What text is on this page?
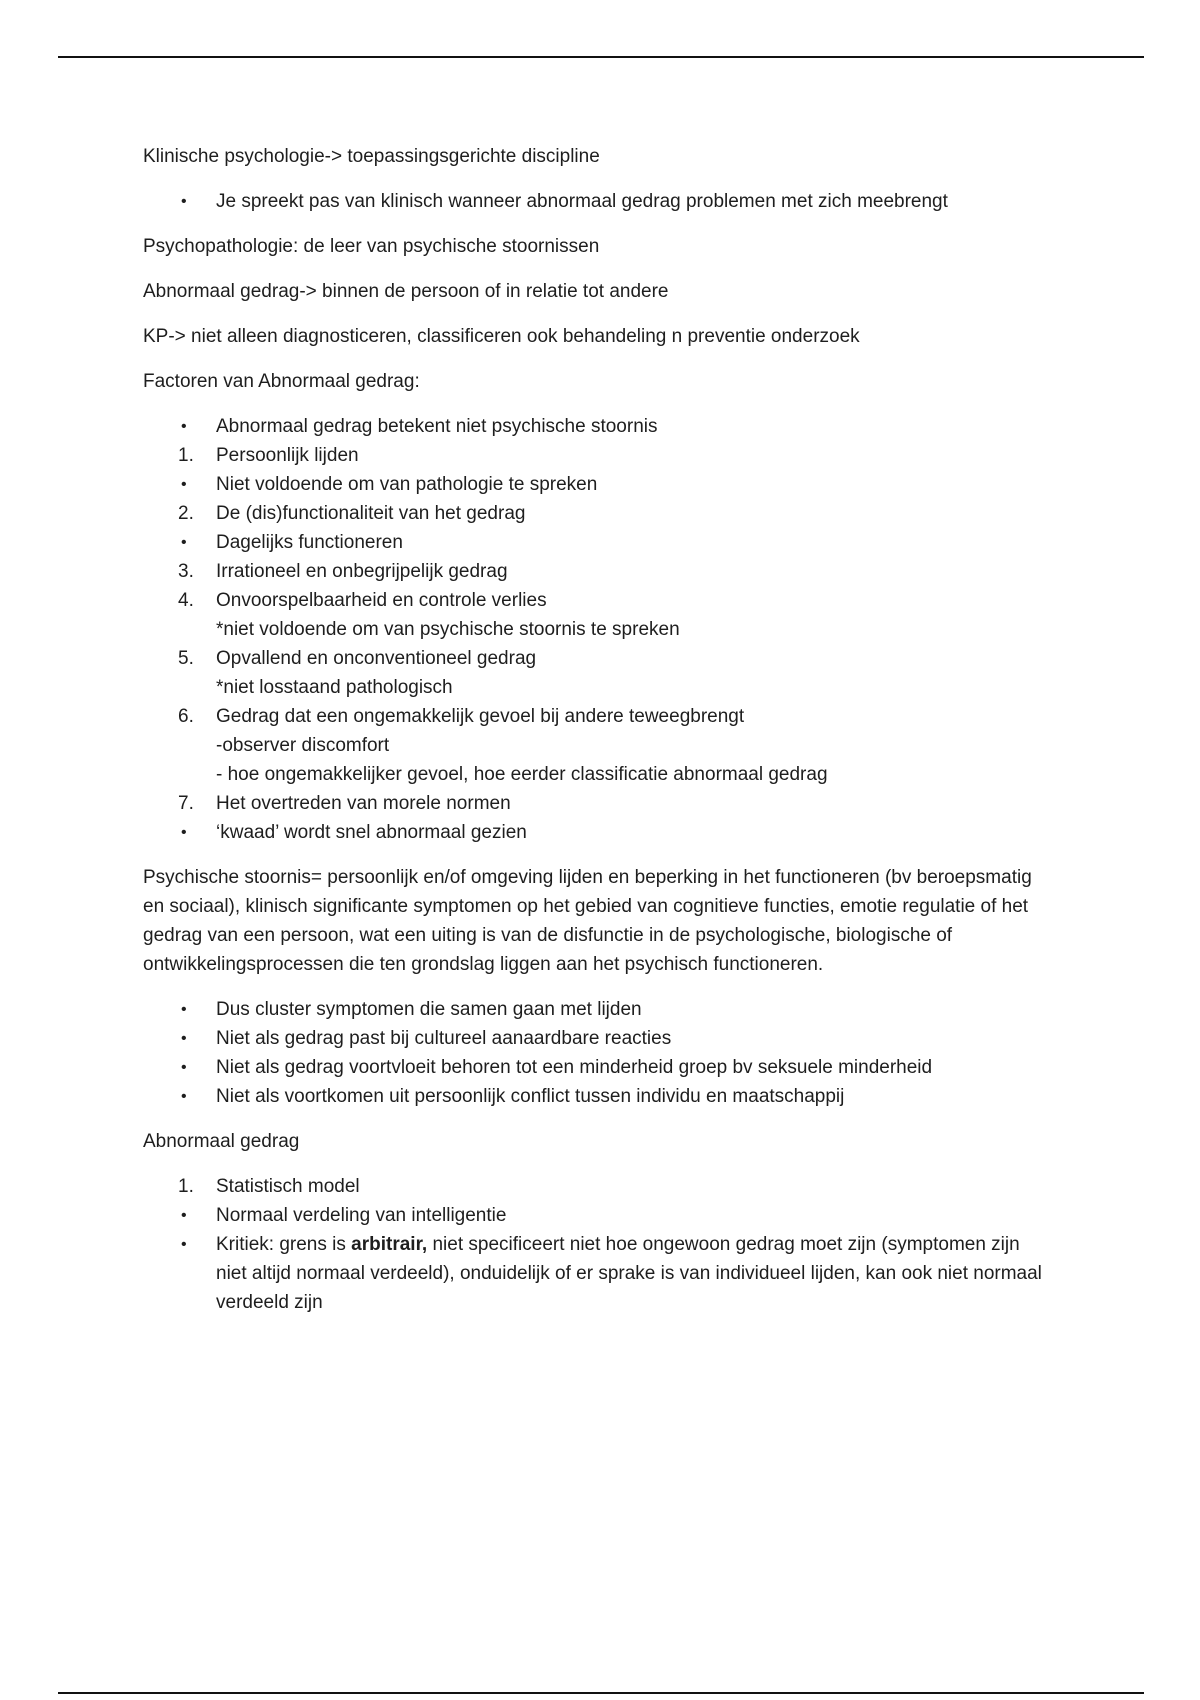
Klinische psychologie-> toepassingsgerichte discipline

•	Je spreekt pas van klinisch wanneer abnormaal gedrag problemen met zich meebrengt

Psychopathologie: de leer van psychische stoornissen

Abnormaal gedrag-> binnen de persoon of in relatie tot andere

KP-> niet alleen diagnosticeren, classificeren ook behandeling n preventie onderzoek

Factoren van Abnormaal gedrag:

•	Abnormaal gedrag betekent niet psychische stoornis
1.	Persoonlijk lijden
•	Niet voldoende om van pathologie te spreken
2.	De (dis)functionaliteit van het gedrag
•	Dagelijks functioneren
3.	Irrationeel en onbegrijpelijk gedrag
4.	Onvoorspelbaarheid en controle verlies
*niet voldoende om van psychische stoornis te spreken
5.	Opvallend en onconventioneel gedrag
*niet losstaand pathologisch
6.	Gedrag dat een ongemakkelijk gevoel bij andere teweegbrengt
-observer discomfort
- hoe ongemakkelijker gevoel, hoe eerder classificatie abnormaal gedrag
7.	Het overtreden van morele normen
•	‘kwaad’ wordt snel abnormaal gezien

Psychische stoornis= persoonlijk en/of omgeving lijden en beperking in het functioneren (bv beroepsmatig en sociaal), klinisch significante symptomen op het gebied van cognitieve functies, emotie regulatie of het gedrag van een persoon, wat een uiting is van de disfunctie in de psychologische, biologische of ontwikkelingsprocessen die ten grondslag liggen aan het psychisch functioneren.

•	Dus cluster symptomen die samen gaan met lijden
•	Niet als gedrag past bij cultureel aanaardbare reacties
•	Niet als gedrag voortvloeit behoren tot een minderheid groep bv seksuele minderheid
•	Niet als voortkomen uit persoonlijk conflict tussen individu en maatschappij

Abnormaal gedrag

1.	Statistisch model
•	Normaal verdeling van intelligentie
•	Kritiek: grens is arbitrair, niet specificeert niet hoe ongewoon gedrag moet zijn (symptomen zijn niet altijd normaal verdeeld), onduidelijk of er sprake is van individueel lijden, kan ook niet normaal verdeeld zijn
